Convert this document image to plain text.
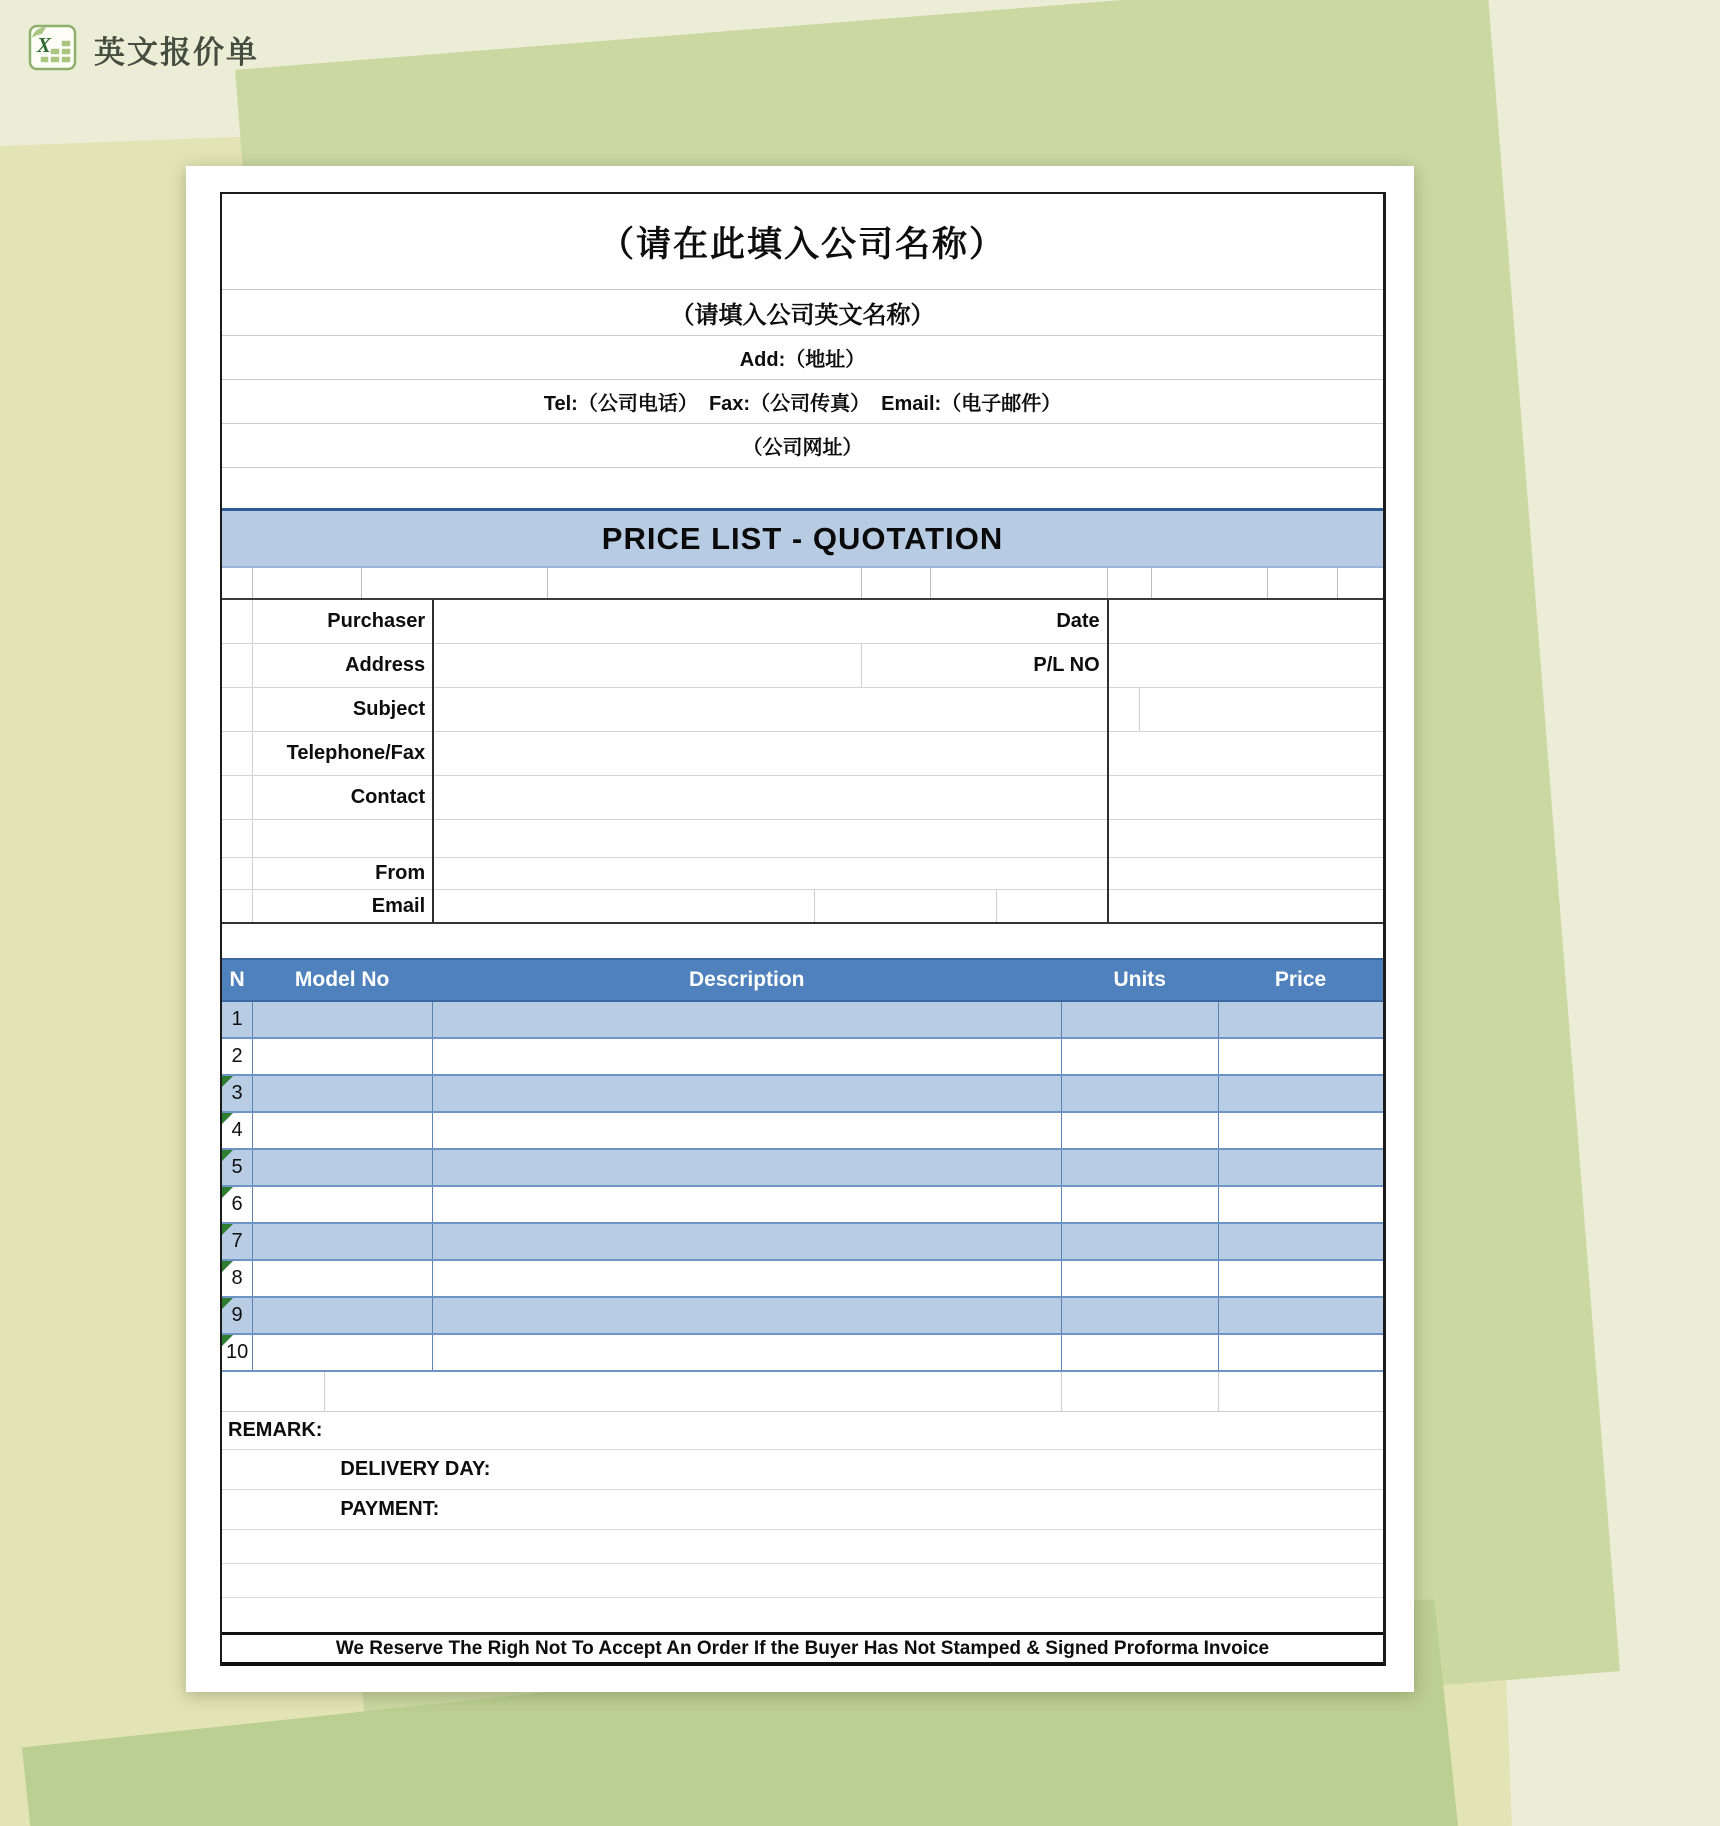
X 英文报价单
（请在此填入公司名称）
（请填入公司英文名称）
Add:（地址）
Tel:（公司电话）  Fax:（公司传真）  Email:（电子邮件）
（公司网址）
PRICE LIST - QUOTATION
Purchaser	Date
Address	P/L NO
Subject
Telephone/Fax
Contact
From
Email
N	Model No	Description	Units	Price
1
2
3
4
5
6
7
8
9
10
REMARK:
DELIVERY DAY:
PAYMENT:
We Reserve The Righ Not To Accept An Order If the Buyer Has Not Stamped & Signed Proforma Invoice
